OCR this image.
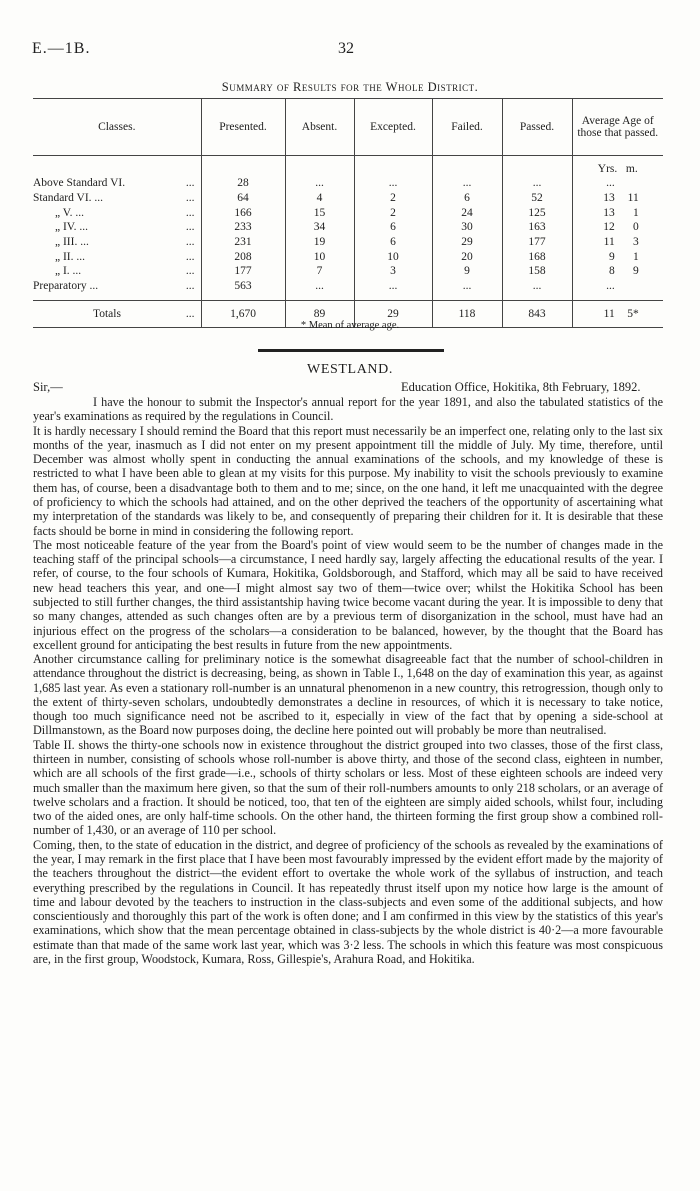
E.—1B.	32
Summary of Results for the Whole District.
Classes.	Presented.	Absent.	Excepted.	Failed.	Passed.	Average Age of those that passed.
						Yrs. m.
Above Standard VI. ...	28	...	...	...	...	...
Standard VI. ... ...	64	4	2	6	52	13 11
„ V. ... ...	166	15	2	24	125	13 1
„ IV. ... ...	233	34	6	30	163	12 0
„ III. ... ...	231	19	6	29	177	11 3
„ II. ... ...	208	10	10	20	168	9 1
„ I. ... ...	177	7	3	9	158	8 9
Preparatory ... ...	563	...	...	...	...	...

Totals ...	1,670	89	29	118	843	11 5*
* Mean of average age.
WESTLAND.
Sir,—	Education Office, Hokitika, 8th February, 1892.

I have the honour to submit the Inspector's annual report for the year 1891, and also the tabulated statistics of the year's examinations as required by the regulations in Council.

It is hardly necessary I should remind the Board that this report must necessarily be an imperfect one, relating only to the last six months of the year, inasmuch as I did not enter on my present appointment till the middle of July. My time, therefore, until December was almost wholly spent in conducting the annual examinations of the schools, and my knowledge of these is restricted to what I have been able to glean at my visits for this purpose. My inability to visit the schools previously to examine them has, of course, been a disadvantage both to them and to me; since, on the one hand, it left me unacquainted with the degree of proficiency to which the schools had attained, and on the other deprived the teachers of the opportunity of ascertaining what my interpretation of the standards was likely to be, and consequently of preparing their children for it. It is desirable that these facts should be borne in mind in considering the following report.

The most noticeable feature of the year from the Board's point of view would seem to be the number of changes made in the teaching staff of the principal schools—a circumstance, I need hardly say, largely affecting the educational results of the year. I refer, of course, to the four schools of Kumara, Hokitika, Goldsborough, and Stafford, which may all be said to have received new head teachers this year, and one—I might almost say two of them—twice over; whilst the Hokitika School has been subjected to still further changes, the third assistantship having twice become vacant during the year. It is impossible to deny that so many changes, attended as such changes often are by a previous term of disorganization in the school, must have had an injurious effect on the progress of the scholars—a consideration to be balanced, however, by the thought that the Board has excellent ground for anticipating the best results in future from the new appointments.

Another circumstance calling for preliminary notice is the somewhat disagreeable fact that the number of school-children in attendance throughout the district is decreasing, being, as shown in Table I., 1,648 on the day of examination this year, as against 1,685 last year. As even a stationary roll-number is an unnatural phenomenon in a new country, this retrogression, though only to the extent of thirty-seven scholars, undoubtedly demonstrates a decline in resources, of which it is necessary to take notice, though too much significance need not be ascribed to it, especially in view of the fact that by opening a side-school at Dillmanstown, as the Board now purposes doing, the decline here pointed out will probably be more than neutralised.

Table II. shows the thirty-one schools now in existence throughout the district grouped into two classes, those of the first class, thirteen in number, consisting of schools whose roll-number is above thirty, and those of the second class, eighteen in number, which are all schools of the first grade—i.e., schools of thirty scholars or less. Most of these eighteen schools are indeed very much smaller than the maximum here given, so that the sum of their roll-numbers amounts to only 218 scholars, or an average of twelve scholars and a fraction. It should be noticed, too, that ten of the eighteen are simply aided schools, whilst four, including two of the aided ones, are only half-time schools. On the other hand, the thirteen forming the first group show a combined roll-number of 1,430, or an average of 110 per school.

Coming, then, to the state of education in the district, and degree of proficiency of the schools as revealed by the examinations of the year, I may remark in the first place that I have been most favourably impressed by the evident effort made by the majority of the teachers throughout the district—the evident effort to overtake the whole work of the syllabus of instruction, and teach everything prescribed by the regulations in Council. It has repeatedly thrust itself upon my notice how large is the amount of time and labour devoted by the teachers to instruction in the class-subjects and even some of the additional subjects, and how conscientiously and thoroughly this part of the work is often done; and I am confirmed in this view by the statistics of this year's examinations, which show that the mean percentage obtained in class-subjects by the whole district is 40·2—a more favourable estimate than that made of the same work last year, which was 3·2 less. The schools in which this feature was most conspicuous are, in the first group, Woodstock, Kumara, Ross, Gillespie's, Arahura Road, and Hokitika.
